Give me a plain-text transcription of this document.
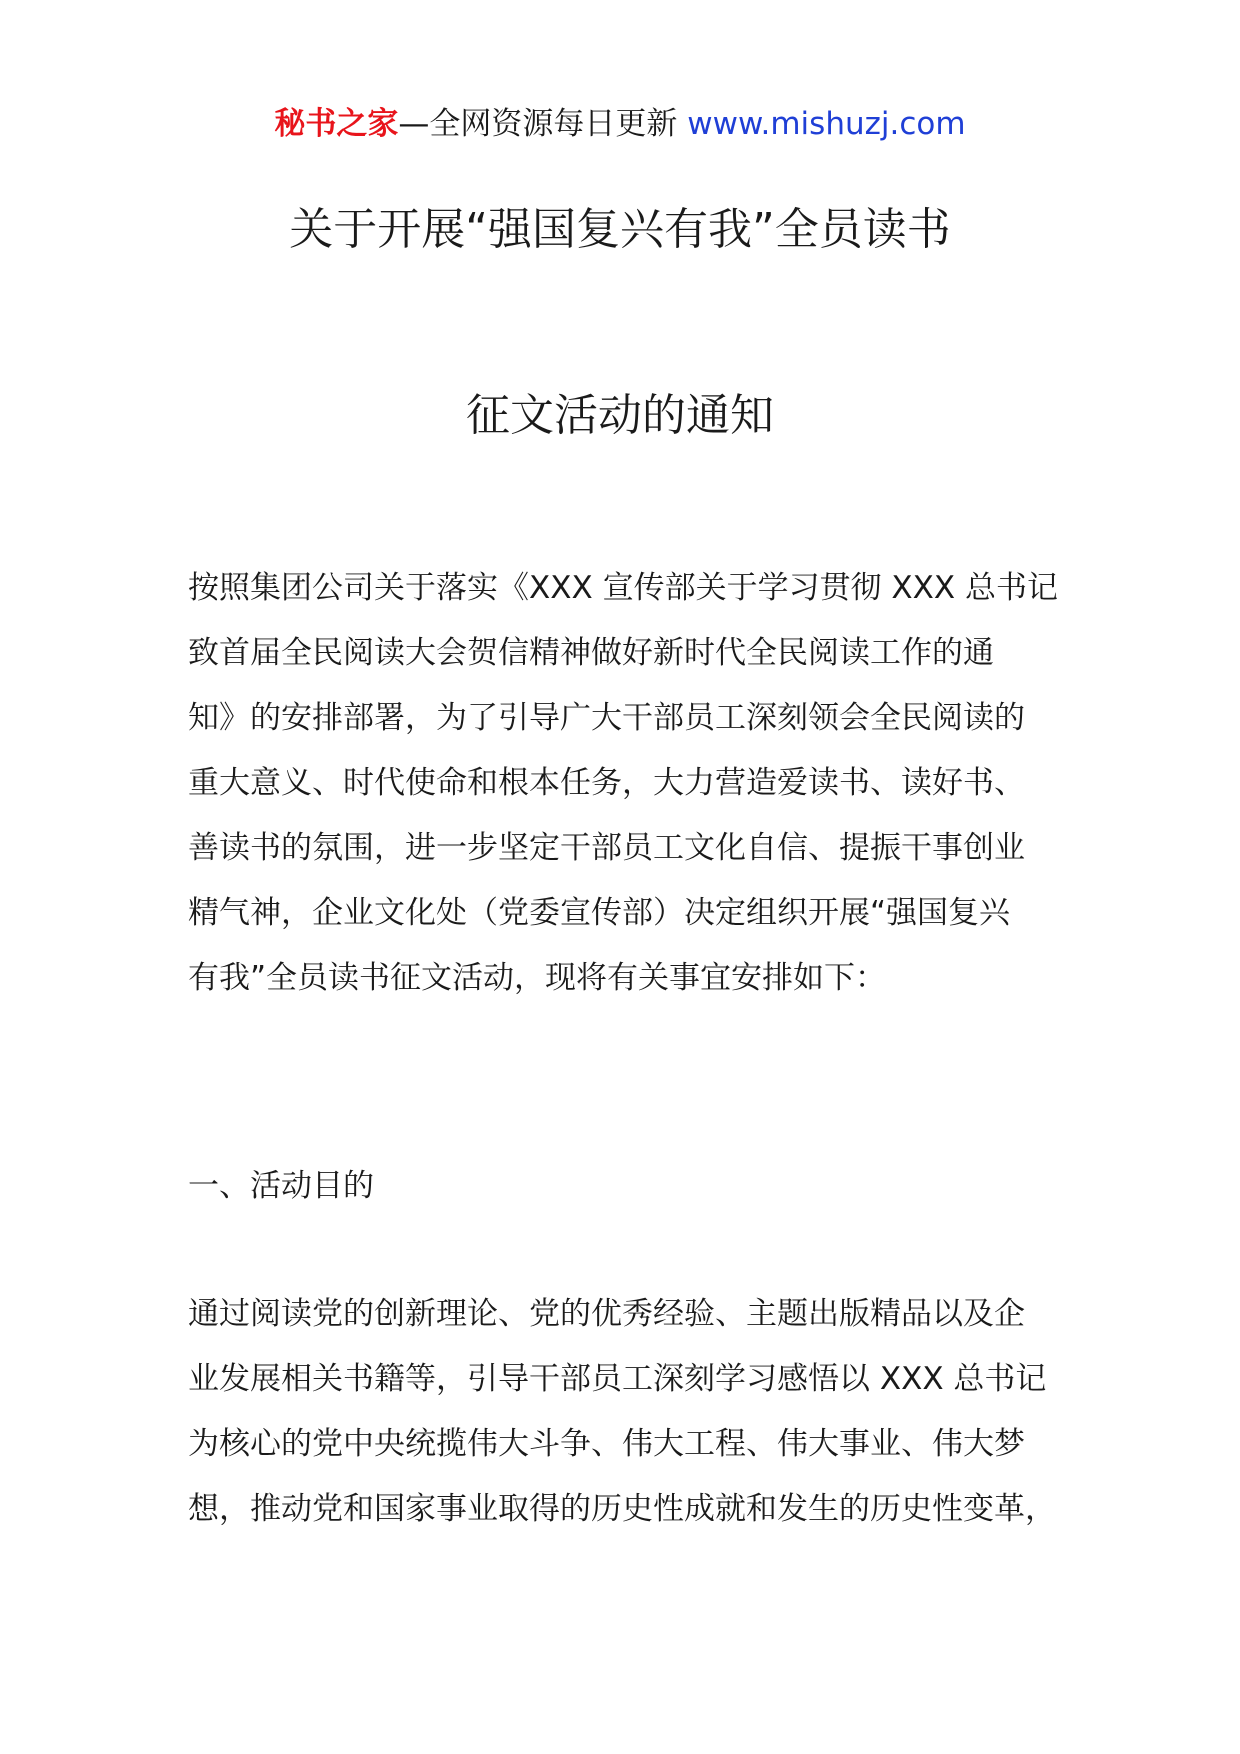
秘书之家—全网资源每日更新 www.mishuzj.com
关于开展“强国复兴有我”全员读书
征文活动的通知
按照集团公司关于落实《XXX 宣传部关于学习贯彻 XXX 总书记
致首届全民阅读大会贺信精神做好新时代全民阅读工作的通
知》的安排部署，为了引导广大干部员工深刻领会全民阅读的
重大意义、时代使命和根本任务，大力营造爱读书、读好书、
善读书的氛围，进一步坚定干部员工文化自信、提振干事创业
精气神，企业文化处（党委宣传部）决定组织开展“强国复兴
有我”全员读书征文活动，现将有关事宜安排如下：
一、活动目的
通过阅读党的创新理论、党的优秀经验、主题出版精品以及企
业发展相关书籍等，引导干部员工深刻学习感悟以 XXX 总书记
为核心的党中央统揽伟大斗争、伟大工程、伟大事业、伟大梦
想，推动党和国家事业取得的历史性成就和发生的历史性变革，
